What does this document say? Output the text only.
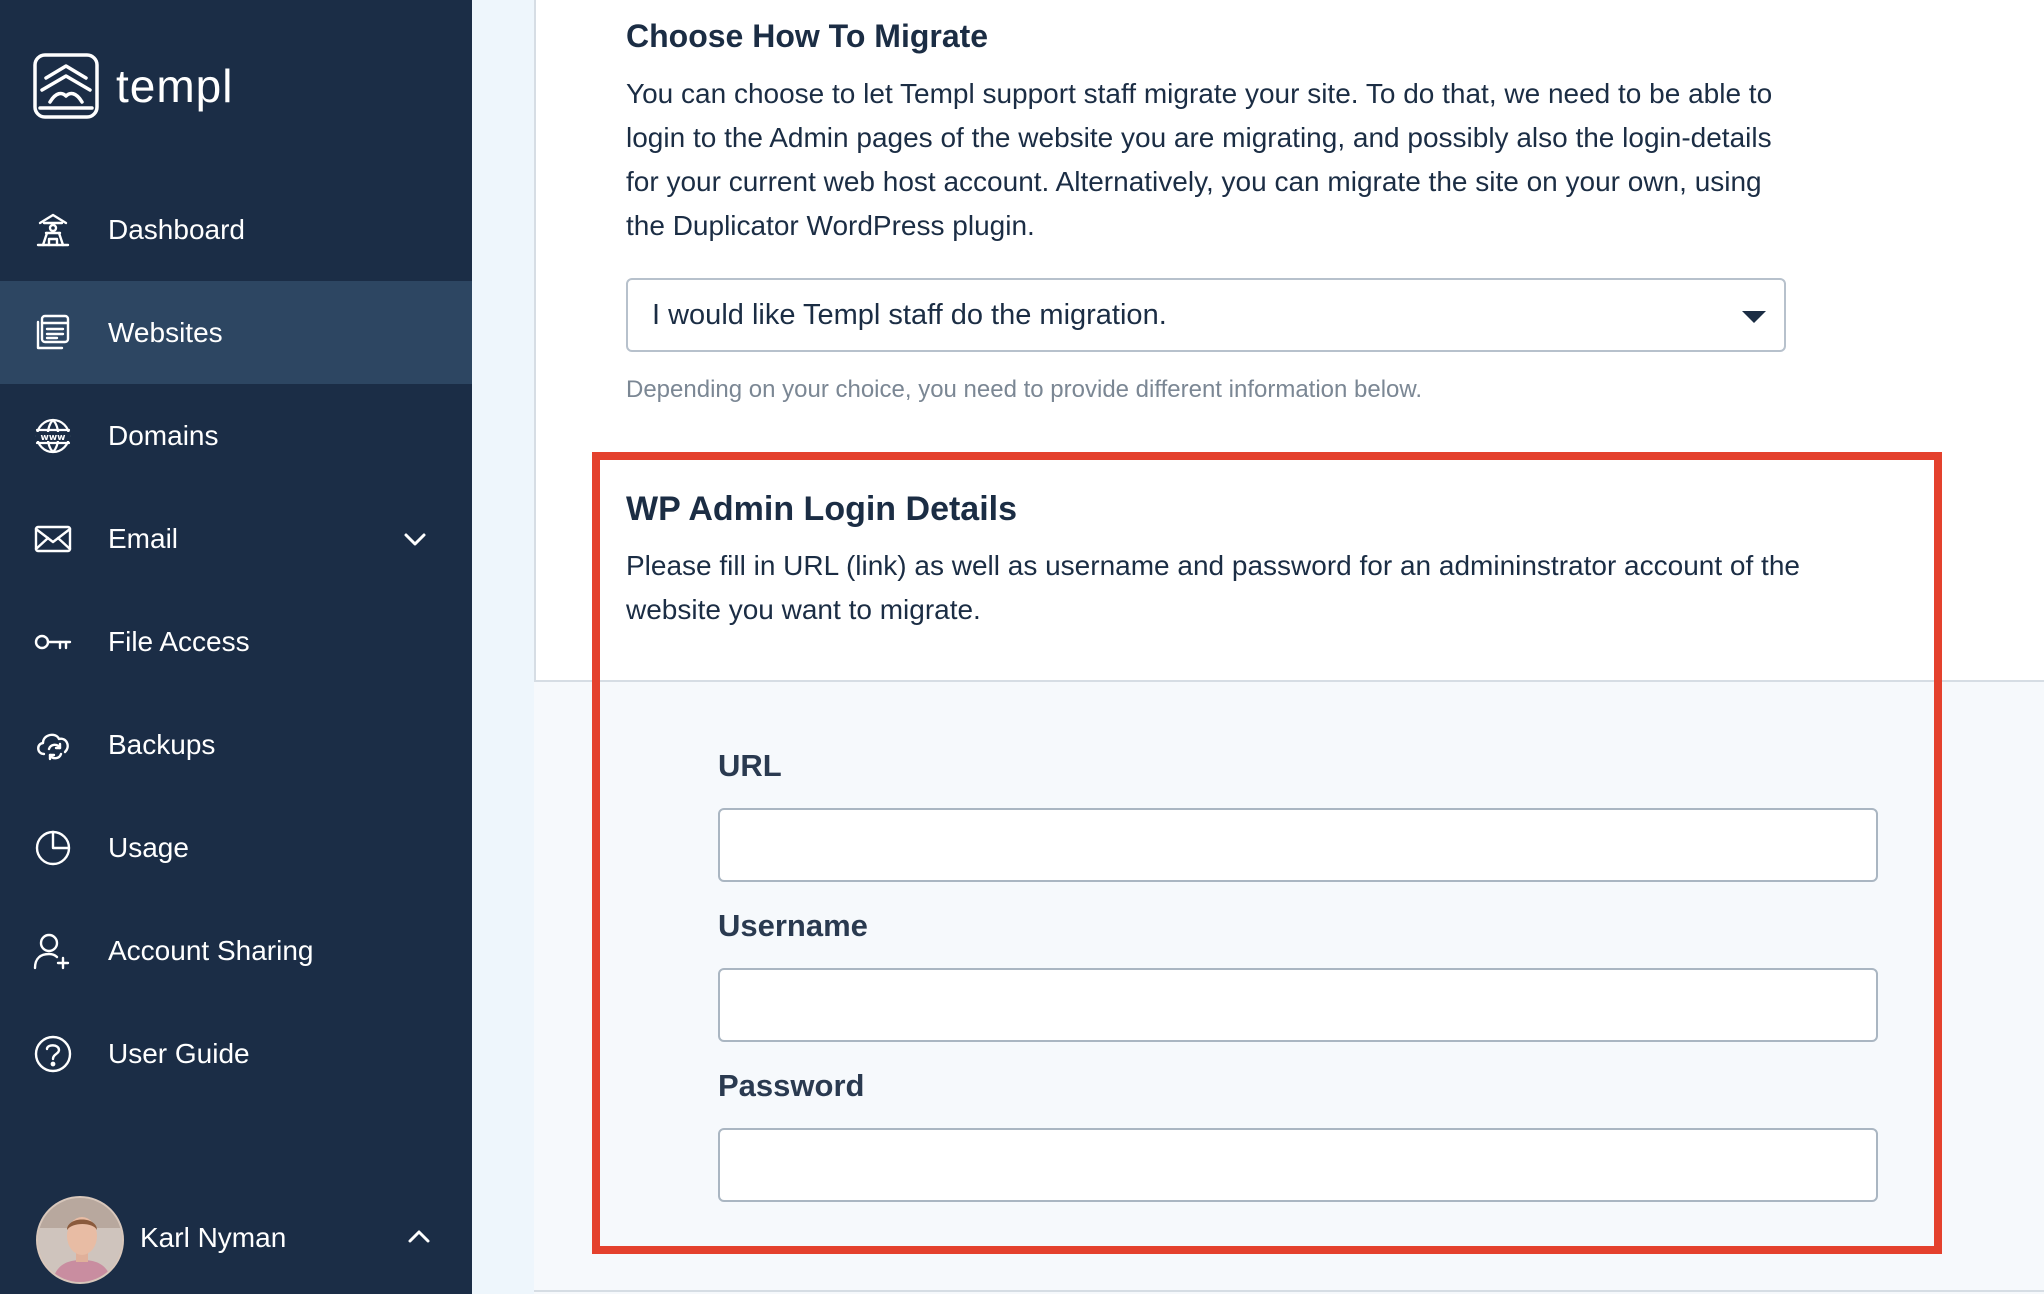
templ
Dashboard
Websites
www Domains
Email
File Access
Backups
Usage
Account Sharing
User Guide
Karl Nyman
Choose How To Migrate

You can choose to let Templ support staff migrate your site. To do that, we need to be able to login to the Admin pages of the website you are migrating, and possibly also the login-details for your current web host account. Alternatively, you can migrate the site on your own, using the Duplicator WordPress plugin.

I would like Templ staff do the migration.

Depending on your choice, you need to provide different information below.

WP Admin Login Details

Please fill in URL (link) as well as username and password for an admininstrator account of the website you want to migrate.

URL
Username
Password
